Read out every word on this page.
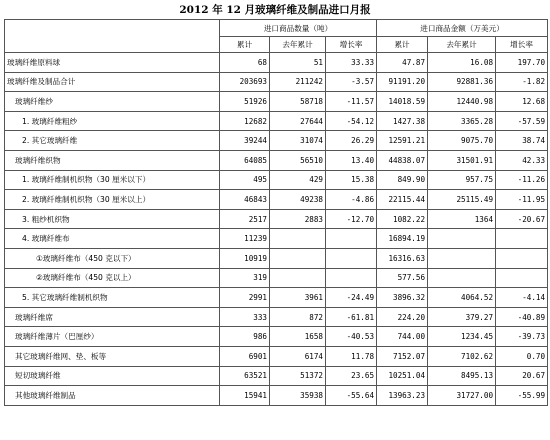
2012 年 12 月玻璃纤维及制品进口月报
	进口商品数量（吨）			进口商品金额（万美元）		
	累计	去年累计	增长率	累计	去年累计	增长率
玻璃纤维原料球	68	51	33.33	47.87	16.08	197.70
玻璃纤维及制品合计	203693	211242	-3.57	91191.20	92881.36	-1.82
玻璃纤维纱	51926	58718	-11.57	14018.59	12440.98	12.68
1. 玻璃纤维粗纱	12682	27644	-54.12	1427.38	3365.28	-57.59
2. 其它玻璃纤维	39244	31074	26.29	12591.21	9075.70	38.74
玻璃纤维织物	64085	56510	13.40	44838.07	31501.91	42.33
1. 玻璃纤维制机织物（30 厘米以下）	495	429	15.38	849.90	957.75	-11.26
2. 玻璃纤维制机织物（30 厘米以上）	46843	49238	-4.86	22115.44	25115.49	-11.95
3. 粗纱机织物	2517	2883	-12.70	1082.22	1364	-20.67
4. 玻璃纤维布	11239			16894.19		
①玻璃纤维布（450 克以下）	10919			16316.63		
②玻璃纤维布（450 克以上）	319			577.56		
5. 其它玻璃纤维制机织物	2991	3961	-24.49	3896.32	4064.52	-4.14
玻璃纤维席	333	872	-61.81	224.20	379.27	-40.89
玻璃纤维薄片（巴厘纱）	986	1658	-40.53	744.00	1234.45	-39.73
其它玻璃纤维网、垫、板等	6901	6174	11.78	7152.07	7102.62	0.70
短切玻璃纤维	63521	51372	23.65	10251.04	8495.13	20.67
其他玻璃纤维制品	15941	35938	-55.64	13963.23	31727.00	-55.99
